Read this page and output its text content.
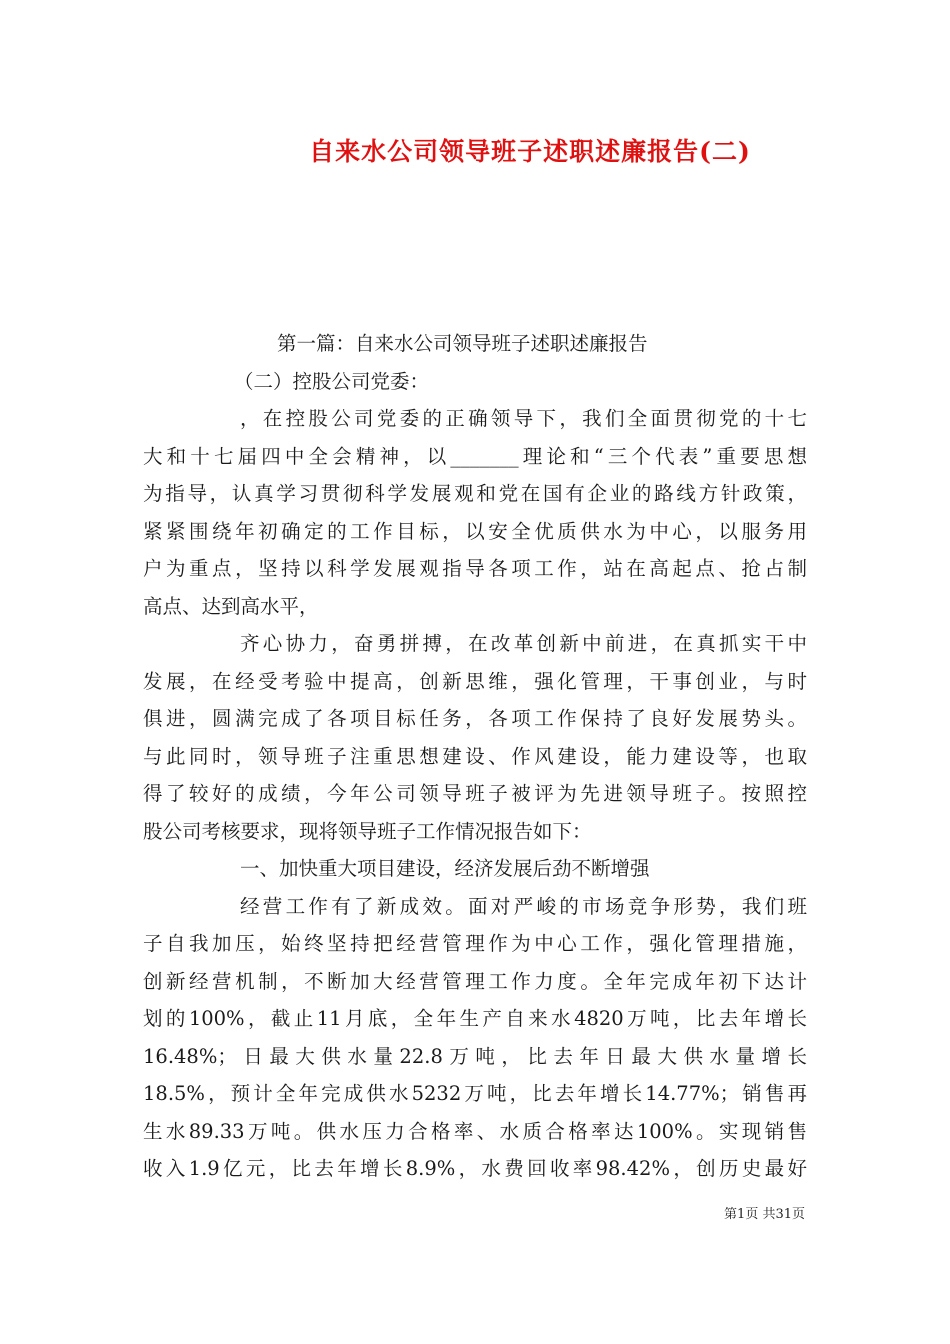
自来水公司领导班子述职述廉报告(二)
第一篇：自来水公司领导班子述职述廉报告
（二）控股公司党委：
，在控股公司党委的正确领导下，我们全面贯彻党的十七
大和十七届四中全会精神，以_______理论和“三个代表”重要思想
为指导，认真学习贯彻科学发展观和党在国有企业的路线方针政策，
紧紧围绕年初确定的工作目标，以安全优质供水为中心，以服务用
户为重点，坚持以科学发展观指导各项工作，站在高起点、抢占制
高点、达到高水平，
齐心协力，奋勇拼搏，在改革创新中前进，在真抓实干中
发展，在经受考验中提高，创新思维，强化管理，干事创业，与时
俱进，圆满完成了各项目标任务，各项工作保持了良好发展势头。
与此同时，领导班子注重思想建设、作风建设，能力建设等，也取
得了较好的成绩，今年公司领导班子被评为先进领导班子。按照控
股公司考核要求，现将领导班子工作情况报告如下：
一、加快重大项目建设，经济发展后劲不断增强
经营工作有了新成效。面对严峻的市场竞争形势，我们班
子自我加压，始终坚持把经营管理作为中心工作，强化管理措施，
创新经营机制，不断加大经营管理工作力度。全年完成年初下达计
划的100%，截止11月底，全年生产自来水4820万吨，比去年增长
16.48%；日最大供水量22.8万吨，比去年日最大供水量增长
18.5%，预计全年完成供水5232万吨，比去年增长14.77%；销售再
生水89.33万吨。供水压力合格率、水质合格率达100%。实现销售
收入1.9亿元，比去年增长8.9%，水费回收率98.42%，创历史最好
第1页 共31页
